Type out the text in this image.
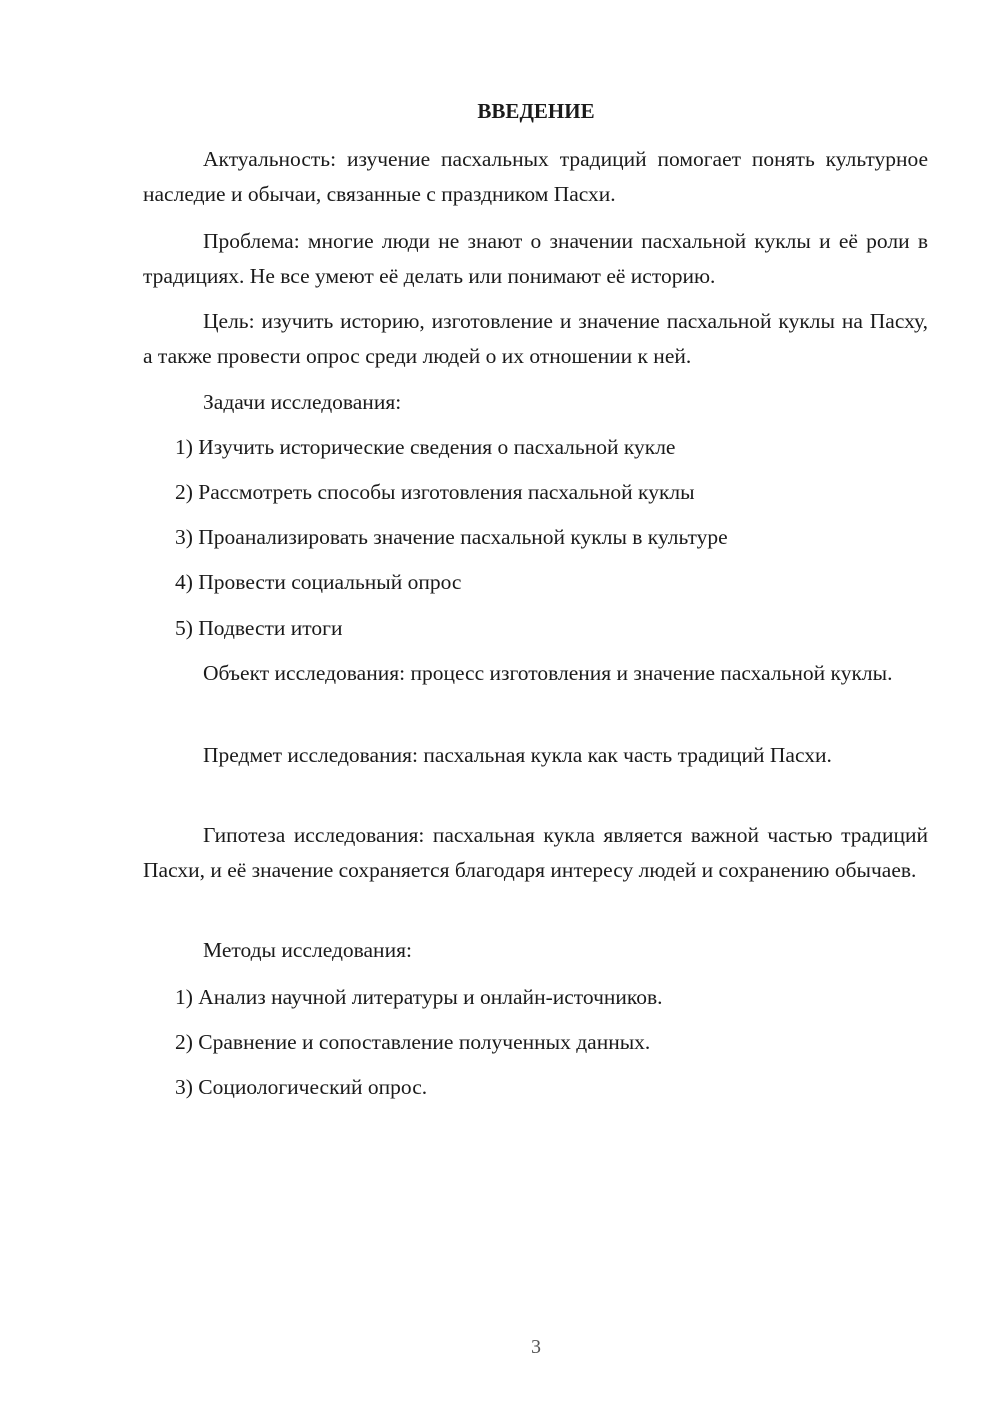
ВВЕДЕНИЕ
Актуальность: изучение пасхальных традиций помогает понять культурное наследие и обычаи, связанные с праздником Пасхи.
Проблема: многие люди не знают о значении пасхальной куклы и её роли в традициях. Не все умеют её делать или понимают её историю.
Цель: изучить историю, изготовление и значение пасхальной куклы на Пасху, а также провести опрос среди людей о их отношении к ней.
Задачи исследования:
1) Изучить исторические сведения о пасхальной кукле
2) Рассмотреть способы изготовления пасхальной куклы
3) Проанализировать значение пасхальной куклы в культуре
4) Провести социальный опрос
5) Подвести итоги
Объект исследования: процесс изготовления и значение пасхальной куклы.
Предмет исследования: пасхальная кукла как часть традиций Пасхи.
Гипотеза исследования: пасхальная кукла является важной частью традиций Пасхи, и её значение сохраняется благодаря интересу людей и сохранению обычаев.
Методы исследования:
1) Анализ научной литературы и онлайн-источников.
2) Сравнение и сопоставление полученных данных.
3) Социологический опрос.
3
